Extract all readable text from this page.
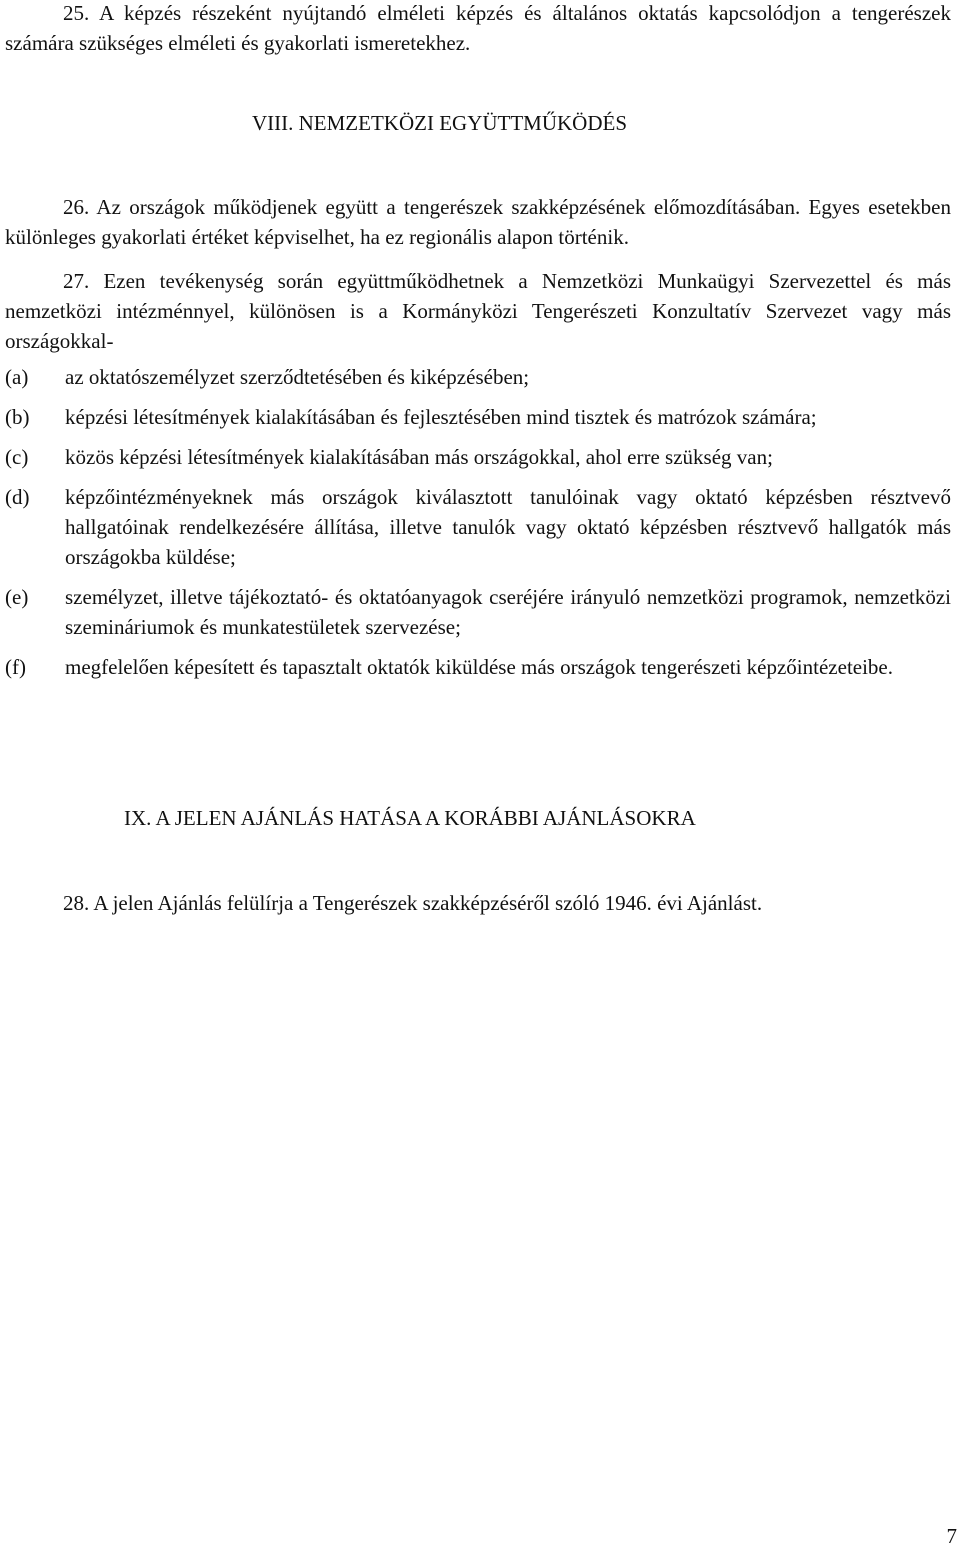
25. A képzés részeként nyújtandó elméleti képzés és általános oktatás kapcsolódjon a tengerészek számára szükséges elméleti és gyakorlati ismeretekhez.

VIII. NEMZETKÖZI EGYÜTTMŰKÖDÉS

26. Az országok működjenek együtt a tengerészek szakképzésének előmozdításában. Egyes esetekben különleges gyakorlati értéket képviselhet, ha ez regionális alapon történik.

27. Ezen tevékenység során együttműködhetnek a Nemzetközi Munkaügyi Szervezettel és más nemzetközi intézménnyel, különösen is a Kormányközi Tengerészeti Konzultatív Szervezet vagy más országokkal-

(a)	az oktatószemélyzet szerződtetésében és kiképzésében;
(b)	képzési létesítmények kialakításában és fejlesztésében mind tisztek és matrózok számára;
(c)	közös képzési létesítmények kialakításában más országokkal, ahol erre szükség van;
(d)	képzőintézményeknek más országok kiválasztott tanulóinak vagy oktató képzésben résztvevő hallgatóinak rendelkezésére állítása, illetve tanulók vagy oktató képzésben résztvevő hallgatók más országokba küldése;
(e)	személyzet, illetve tájékoztató- és oktatóanyagok cseréjére irányuló nemzetközi programok, nemzetközi szemináriumok és munkatestületek szervezése;
(f)	megfelelően képesített és tapasztalt oktatók kiküldése más országok tengerészeti képzőintézeteibe.

IX. A JELEN AJÁNLÁS HATÁSA A KORÁBBI AJÁNLÁSOKRA

28. A jelen Ajánlás felülírja a Tengerészek szakképzéséről szóló 1946. évi Ajánlást.

7
